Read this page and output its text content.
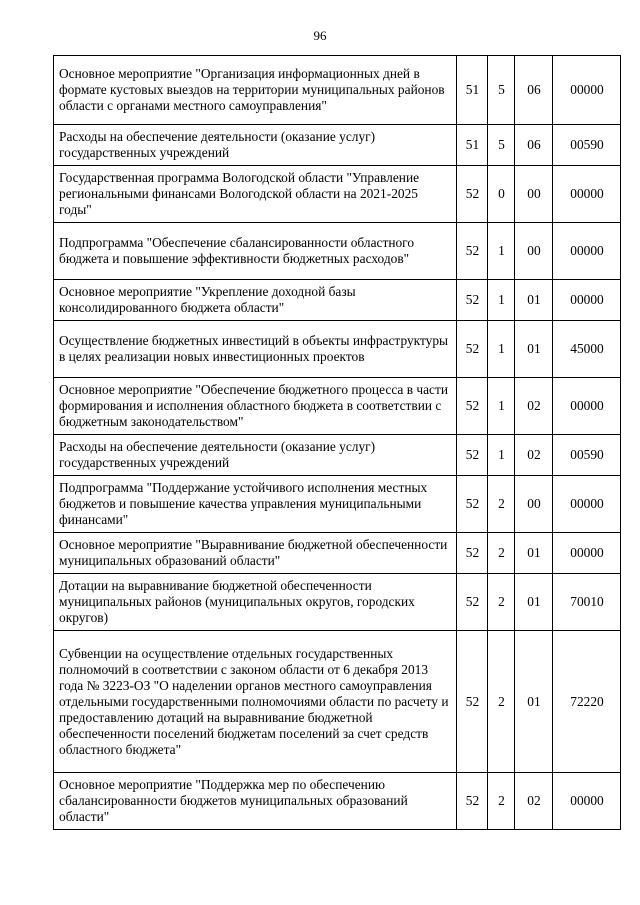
96
Основное мероприятие "Организация информационных дней в формате кустовых выездов на территории муниципальных районов области с органами местного самоуправления"	51	5	06	00000
Расходы на обеспечение деятельности (оказание услуг) государственных учреждений	51	5	06	00590
Государственная программа Вологодской области "Управление региональными финансами Вологодской области на 2021-2025 годы"	52	0	00	00000
Подпрограмма "Обеспечение сбалансированности областного бюджета и повышение эффективности бюджетных расходов"	52	1	00	00000
Основное мероприятие "Укрепление доходной базы консолидированного бюджета области"	52	1	01	00000
Осуществление бюджетных инвестиций в объекты инфраструктуры в целях реализации новых инвестиционных проектов	52	1	01	45000
Основное мероприятие "Обеспечение бюджетного процесса в части формирования и исполнения областного бюджета в соответствии с бюджетным законодательством"	52	1	02	00000
Расходы на обеспечение деятельности (оказание услуг) государственных учреждений	52	1	02	00590
Подпрограмма "Поддержание устойчивого исполнения местных бюджетов и повышение качества управления муниципальными финансами"	52	2	00	00000
Основное мероприятие "Выравнивание бюджетной обеспеченности муниципальных образований области"	52	2	01	00000
Дотации на выравнивание бюджетной обеспеченности муниципальных районов (муниципальных округов, городских округов)	52	2	01	70010
Субвенции на осуществление отдельных государственных полномочий в соответствии с законом области от 6 декабря 2013 года № 3223-ОЗ "О наделении органов местного самоуправления отдельными государственными полномочиями области по расчету и предоставлению дотаций на выравнивание бюджетной обеспеченности поселений бюджетам поселений за счет средств областного бюджета"	52	2	01	72220
Основное мероприятие "Поддержка мер по обеспечению сбалансированности бюджетов муниципальных образований области"	52	2	02	00000
